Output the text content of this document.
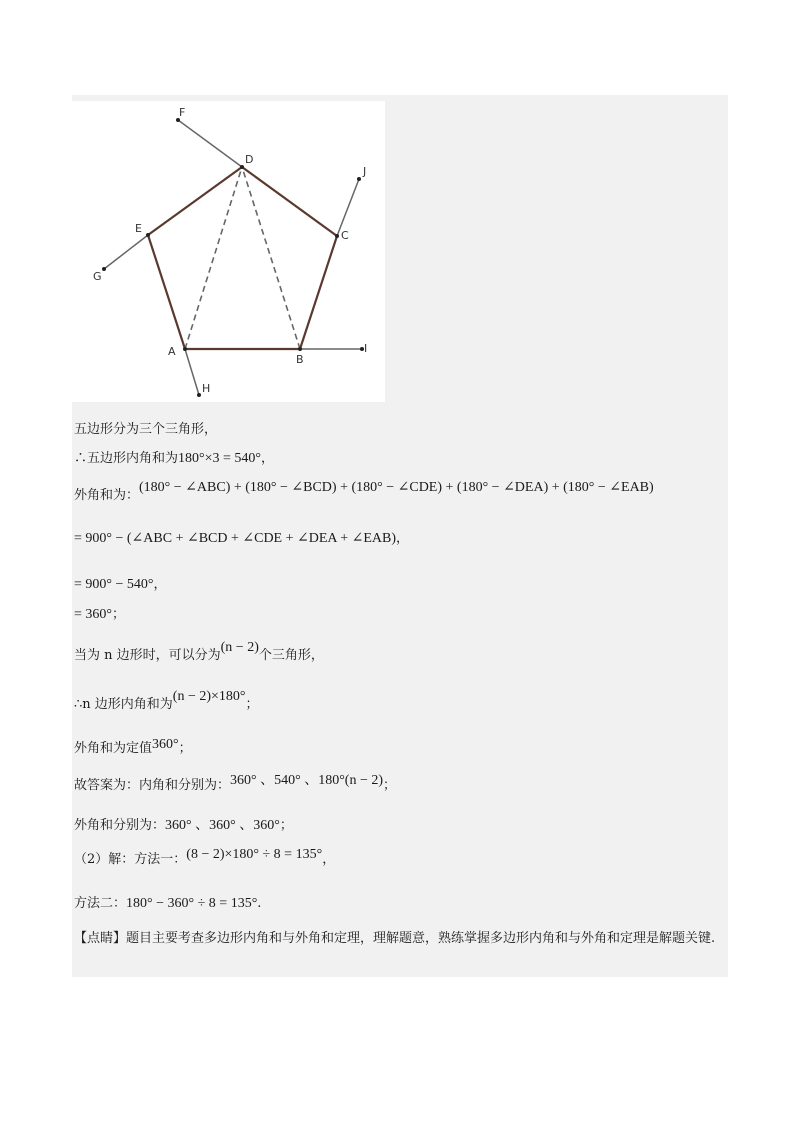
F
D
J
C
E
G
A
B
I
H
五边形分为三个三角形，
∴五边形内角和为180°×3 = 540°，
外角和为：(180° − ∠ABC) + (180° − ∠BCD) + (180° − ∠CDE) + (180° − ∠DEA) + (180° − ∠EAB)
= 900° − (∠ABC + ∠BCD + ∠CDE + ∠DEA + ∠EAB)，
= 900° − 540°，
= 360°；
当为 n 边形时，可以分为(n − 2)个三角形，
∴n 边形内角和为(n − 2)×180°；
外角和为定值360°；
故答案为：内角和分别为：360° 、540° 、180°(n − 2)；
外角和分别为：360° 、360° 、360°；
（2）解：方法一：(8 − 2)×180° ÷ 8 = 135°，
方法二：180° − 360° ÷ 8 = 135°.
【点睛】题目主要考查多边形内角和与外角和定理，理解题意，熟练掌握多边形内角和与外角和定理是解题关键.
